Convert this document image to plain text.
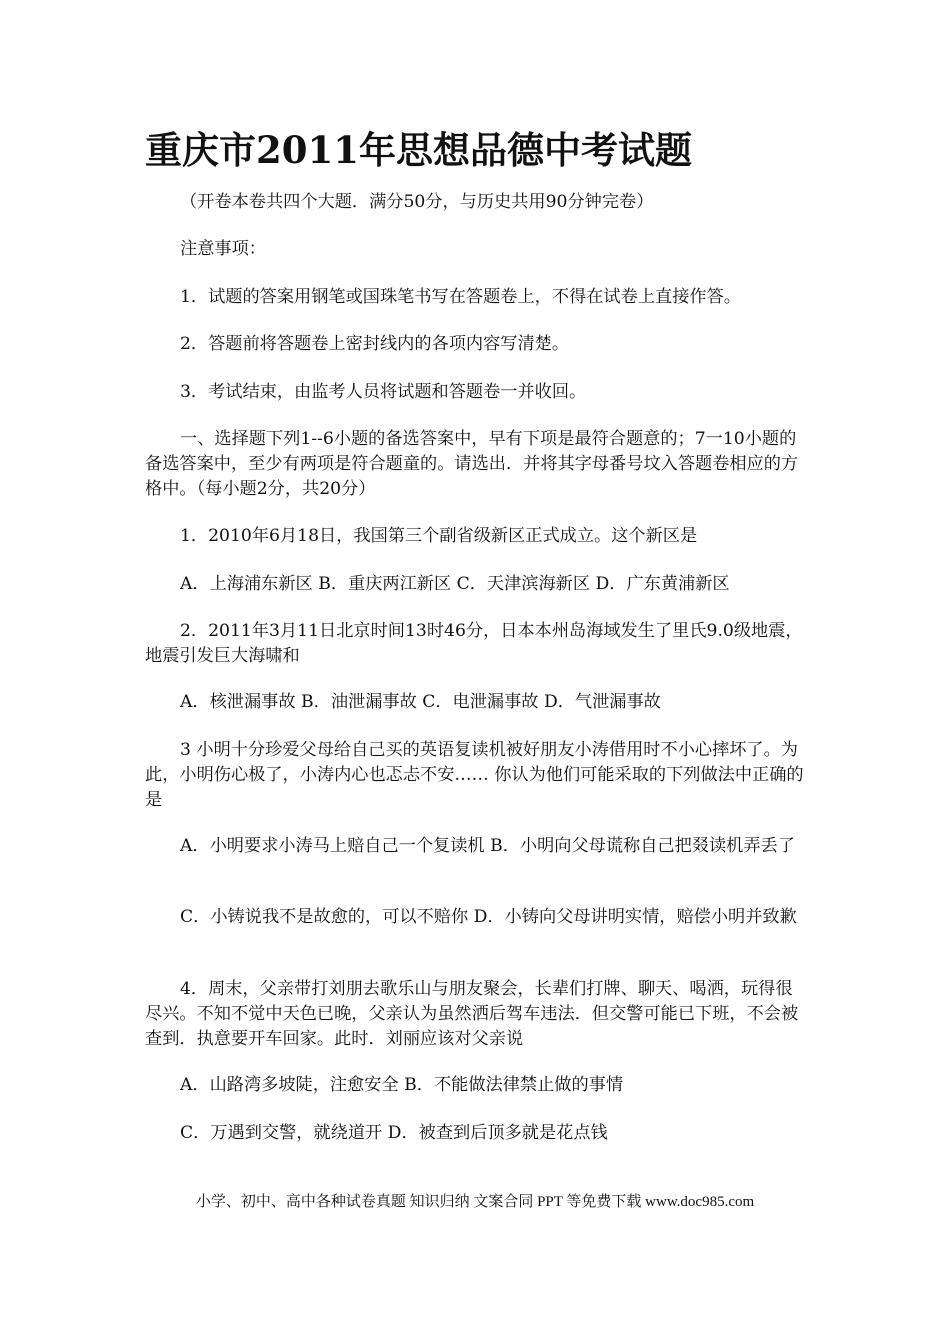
重庆市2011年思想品德中考试题
（开卷本卷共四个大题．满分50分，与历史共用90分钟完卷）
注意事项：
1．试题的答案用钢笔或国珠笔书写在答题卷上，不得在试卷上直接作答。
2．答题前将答题卷上密封线内的各项内容写清楚。
3．考试结束，由监考人员将试题和答题卷一并收回。
一、选择题下列1--6小题的备选答案中，早有下项是最符合题意的；7一10小题的备选答案中，至少有两项是符合题童的。请选出．并将其字母番号坟入答题卷相应的方格中。（每小题2分，共20分）
1．2010年6月18日，我国第三个副省级新区正式成立。这个新区是
A．上海浦东新区 B．重庆两江新区 C．天津滨海新区 D．广东黄浦新区
2．2011年3月11日北京时间13时46分，日本本州岛海域发生了里氏9.0级地震，地震引发巨大海啸和
A．核泄漏事故 B．油泄漏事故 C．电泄漏事故 D．气泄漏事故
3 小明十分珍爱父母给自己买的英语复读机被好朋友小涛借用时不小心摔坏了。为此，小明伤心极了，小涛内心也忑忐不安…… 你认为他们可能采取的下列做法中正确的是
A．小明要求小涛马上赔自己一个复读机 B．小明向父母谎称自己把叕读机弄丢了
C．小铸说我不是故愈的，可以不赔你 D．小铸向父母讲明实情，赔偿小明并致歉
4．周末，父亲带打刘朋去歌乐山与朋友聚会，长辈们打牌、聊天、喝洒，玩得很尽兴。不知不觉中天色已晚，父亲认为虽然洒后驾车违法．但交警可能已下班，不会被查到．执意要开车回家。此时．刘丽应该对父亲说
A．山路湾多坡陡，注愈安全 B．不能做法律禁止做的事情
C．万遇到交警，就绕道开 D．被查到后顶多就是花点钱
小学、初中、高中各种试卷真题 知识归纳 文案合同 PPT 等免费下载 www.doc985.com
